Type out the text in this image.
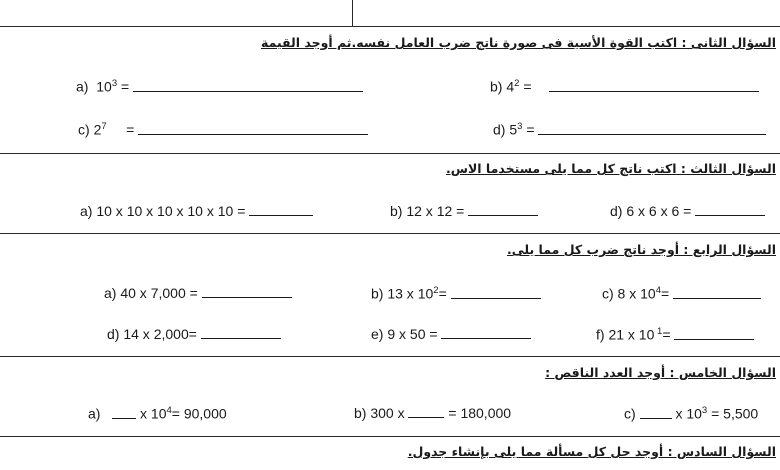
السؤال الثانى : اكتب القوة الأسية فى صورة ناتج ضرب العامل نفسه.ثم أوجد القيمة
a) $10^3$ =	b) $4^2$ =
c) $2^7$ =	d) $5^3$ =
السؤال الثالث : اكتب ناتج كل مما يلى مستخدما الاس.
a) 10 x 10 x 10 x 10 x 10 =	b) 12 x 12 =	d) 6 x 6 x 6 =
السؤال الرابع : أوجد ناتج ضرب كل مما يلى.
a) 40 x 7,000 =	b) 13 x $10^2=$	c) 8 x $10^4=$
d) 14 x 2,000=	e) 9 x 50 =	f) 21 x 10 $^1$=
السؤال الخامس : أوجد العدد الناقص :
a)	x $10^4= 90,000$	b) 300 x	= 180,000	c)	x $10^3 = 5,500$
السؤال السادس : أوجد حل كل مسألة مما يلى بإنشاء جدول.
